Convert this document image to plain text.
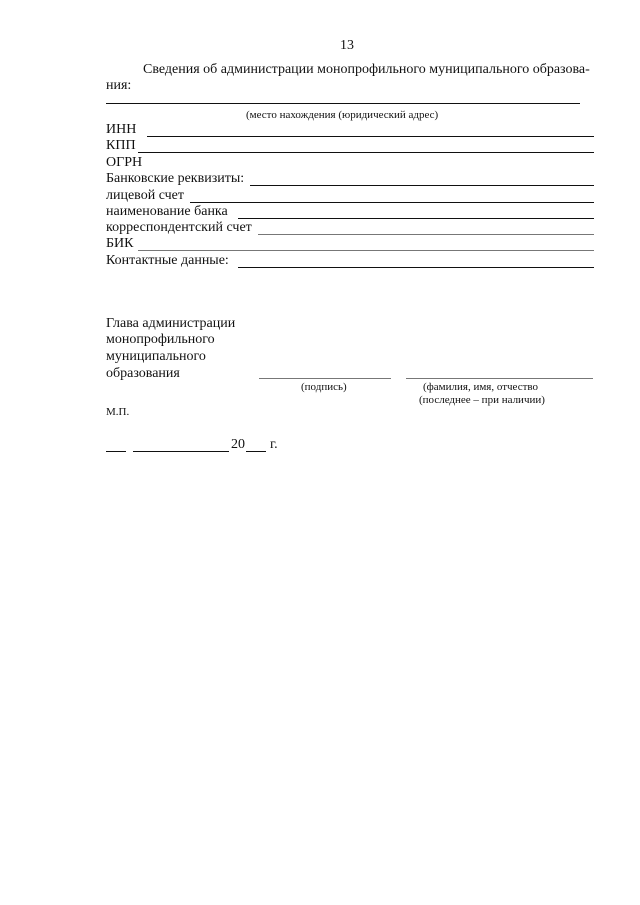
13
Сведения об администрации монопрофильного муниципального образова-
ния:
(место нахождения (юридический адрес)
ИНН
КПП
ОГРН
Банковские реквизиты:
лицевой счет
наименование банка
корреспондентский счет
БИК
Контактные данные:
Глава администрации
монопрофильного
муниципального
образования
(подпись)	(фамилия, имя, отчество
(последнее – при наличии)
М.П.
20 г.
